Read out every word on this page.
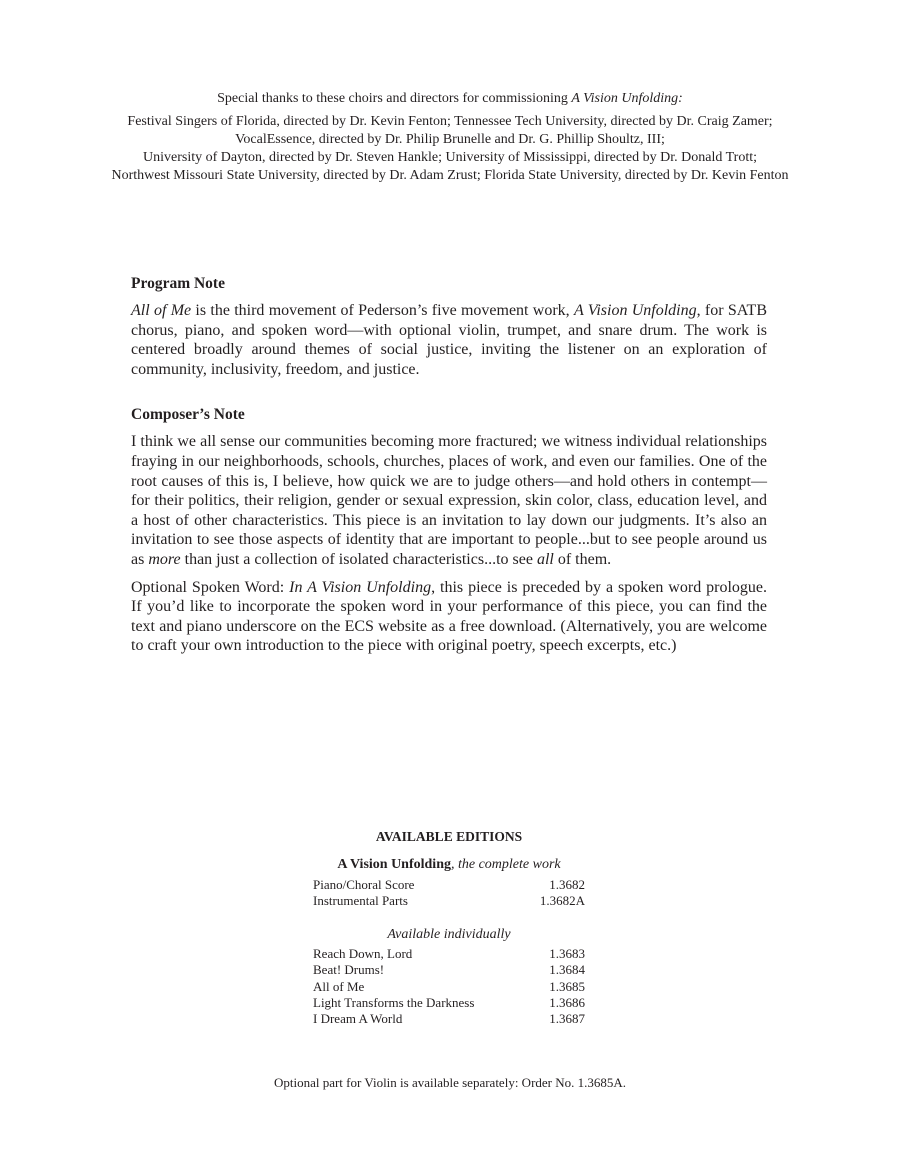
Special thanks to these choirs and directors for commissioning A Vision Unfolding:
Festival Singers of Florida, directed by Dr. Kevin Fenton; Tennessee Tech University, directed by Dr. Craig Zamer;
VocalEssence, directed by Dr. Philip Brunelle and Dr. G. Phillip Shoultz, III;
University of Dayton, directed by Dr. Steven Hankle; University of Mississippi, directed by Dr. Donald Trott;
Northwest Missouri State University, directed by Dr. Adam Zrust; Florida State University, directed by Dr. Kevin Fenton
Program Note

All of Me is the third movement of Pederson’s five movement work, A Vision Unfolding, for SATB chorus, piano, and spoken word—with optional violin, trumpet, and snare drum. The work is centered broadly around themes of social justice, inviting the listener on an exploration of community, inclusivity, freedom, and justice.

Composer’s Note

I think we all sense our communities becoming more fractured; we witness individual relationships fraying in our neighborhoods, schools, churches, places of work, and even our families. One of the root causes of this is, I believe, how quick we are to judge others—and hold others in contempt—for their politics, their religion, gender or sexual expression, skin color, class, education level, and a host of other characteristics. This piece is an invitation to lay down our judgments. It’s also an invitation to see those aspects of identity that are important to people...but to see people around us as more than just a collection of isolated characteristics...to see all of them.

Optional Spoken Word: In A Vision Unfolding, this piece is preceded by a spoken word prologue. If you’d like to incorporate the spoken word in your performance of this piece, you can find the text and piano underscore on the ECS website as a free download. (Alternatively, you are welcome to craft your own introduction to the piece with original poetry, speech excerpts, etc.)

AVAILABLE EDITIONS
A Vision Unfolding, the complete work
Piano/Choral Score	1.3682
Instrumental Parts	1.3682A
Available individually
Reach Down, Lord	1.3683
Beat! Drums!	1.3684
All of Me	1.3685
Light Transforms the Darkness	1.3686
I Dream A World	1.3687
Optional part for Violin is available separately: Order No. 1.3685A.
